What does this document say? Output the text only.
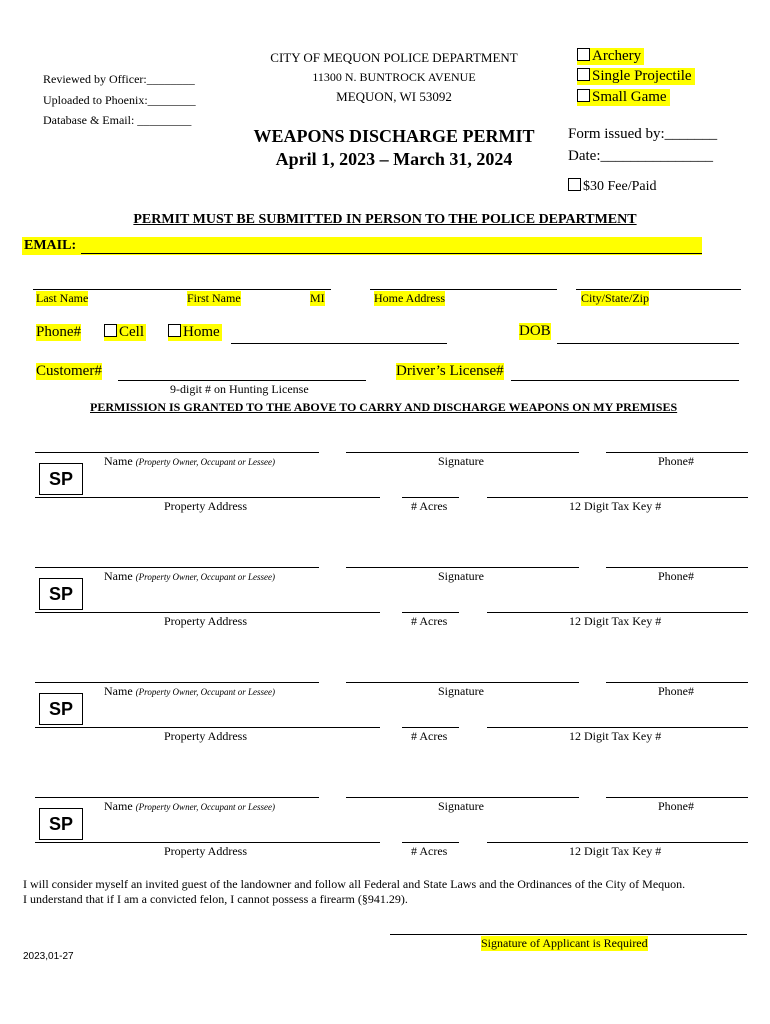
Reviewed by Officer:________
Uploaded to Phoenix:________
Database & Email: _________
CITY OF MEQUON POLICE DEPARTMENT
11300 N. BUNTROCK AVENUE
MEQUON, WI 53092
WEAPONS DISCHARGE PERMIT
April 1, 2023 – March 31, 2024
Archery
Single Projectile
Small Game
Form issued by:_______
Date:_______________
$30 Fee/Paid
PERMIT MUST BE SUBMITTED IN PERSON TO THE POLICE DEPARTMENT
EMAIL:
Last Name	First Name	MI	Home Address	City/State/Zip
Phone#	Cell	Home	DOB
Customer#	Driver’s License#
9-digit # on Hunting License
PERMISSION IS GRANTED TO THE ABOVE TO CARRY AND DISCHARGE WEAPONS ON MY PREMISES
Name (Property Owner, Occupant or Lessee)	Signature	Phone#
SP
Property Address	# Acres	12 Digit Tax Key #
Name (Property Owner, Occupant or Lessee)	Signature	Phone#
SP
Property Address	# Acres	12 Digit Tax Key #
Name (Property Owner, Occupant or Lessee)	Signature	Phone#
SP
Property Address	# Acres	12 Digit Tax Key #
Name (Property Owner, Occupant or Lessee)	Signature	Phone#
SP
Property Address	# Acres	12 Digit Tax Key #
I will consider myself an invited guest of the landowner and follow all Federal and State Laws and the Ordinances of the City of Mequon.
I understand that if I am a convicted felon, I cannot possess a firearm (§941.29).
Signature of Applicant is Required
2023,01-27
